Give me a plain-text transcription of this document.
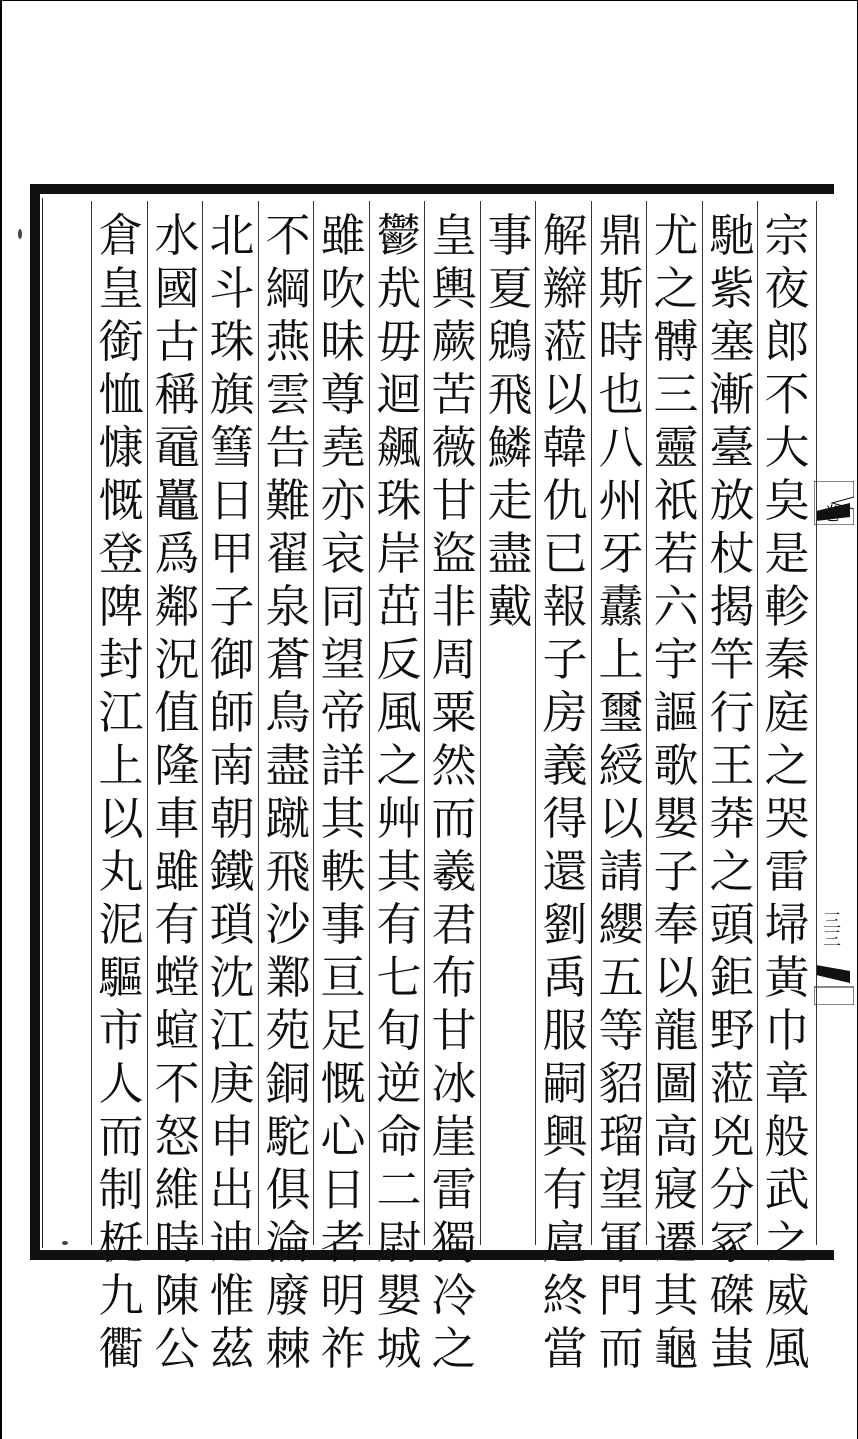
卷
三三
宗
夜
郎
不
大
㚖
是
軫
秦
庭
之
哭
雷
埽
黃
巾
章
般
武
之
威
風
馳
紫
塞
漸
臺
放
杖
揭
竿
行
王
莽
之
頭
鉅
野
蒞
兇
分
冢
磔
蚩
尤
之
髆
三
靈
祇
若
六
宇
謳
歌
嬰
子
奉
以
龍
圖
高
寢
遷
其
龜
鼎
斯
時
也
八
州
牙
纛
上
璽
綬
以
請
纓
五
等
貂
瑠
望
軍
門
而
解
辮
蒞
以
韓
仇
已
報
子
房
義
得
還
劉
禹
服
嗣
興
有
扈
終
當
事
夏
鶂
飛
鱗
走
盡
戴
皇
輿
蕨
苦
薇
甘
盜
非
周
粟
然
而
羲
君
布
甘
冰
崖
雷
獨
冷
之
鬱
㢤
毋
迴
飆
珠
岸
茁
反
風
之
艸
其
有
七
旬
逆
命
二
尉
嬰
城
雖
吹
昧
尊
堯
亦
哀
同
望
帝
詳
其
軼
事
亘
足
慨
心
日
者
明
祚
不
綱
燕
雲
告
難
翟
泉
蒼
鳥
盡
蹴
飛
沙
鄴
苑
銅
駝
俱
淪
廢
棘
北
斗
珠
旗
篲
日
甲
子
御
師
南
朝
鐵
瑣
沈
江
庚
申
出
迪
惟
茲
水
國
古
稱
黿
鼉
爲
鄰
況
值
隆
車
雖
有
螳
蝖
不
怒
維
時
陳
公
倉
皇
銜
恤
慷
慨
登
陴
封
江
上
以
丸
泥
驅
市
人
而
制
梃
九
衢
